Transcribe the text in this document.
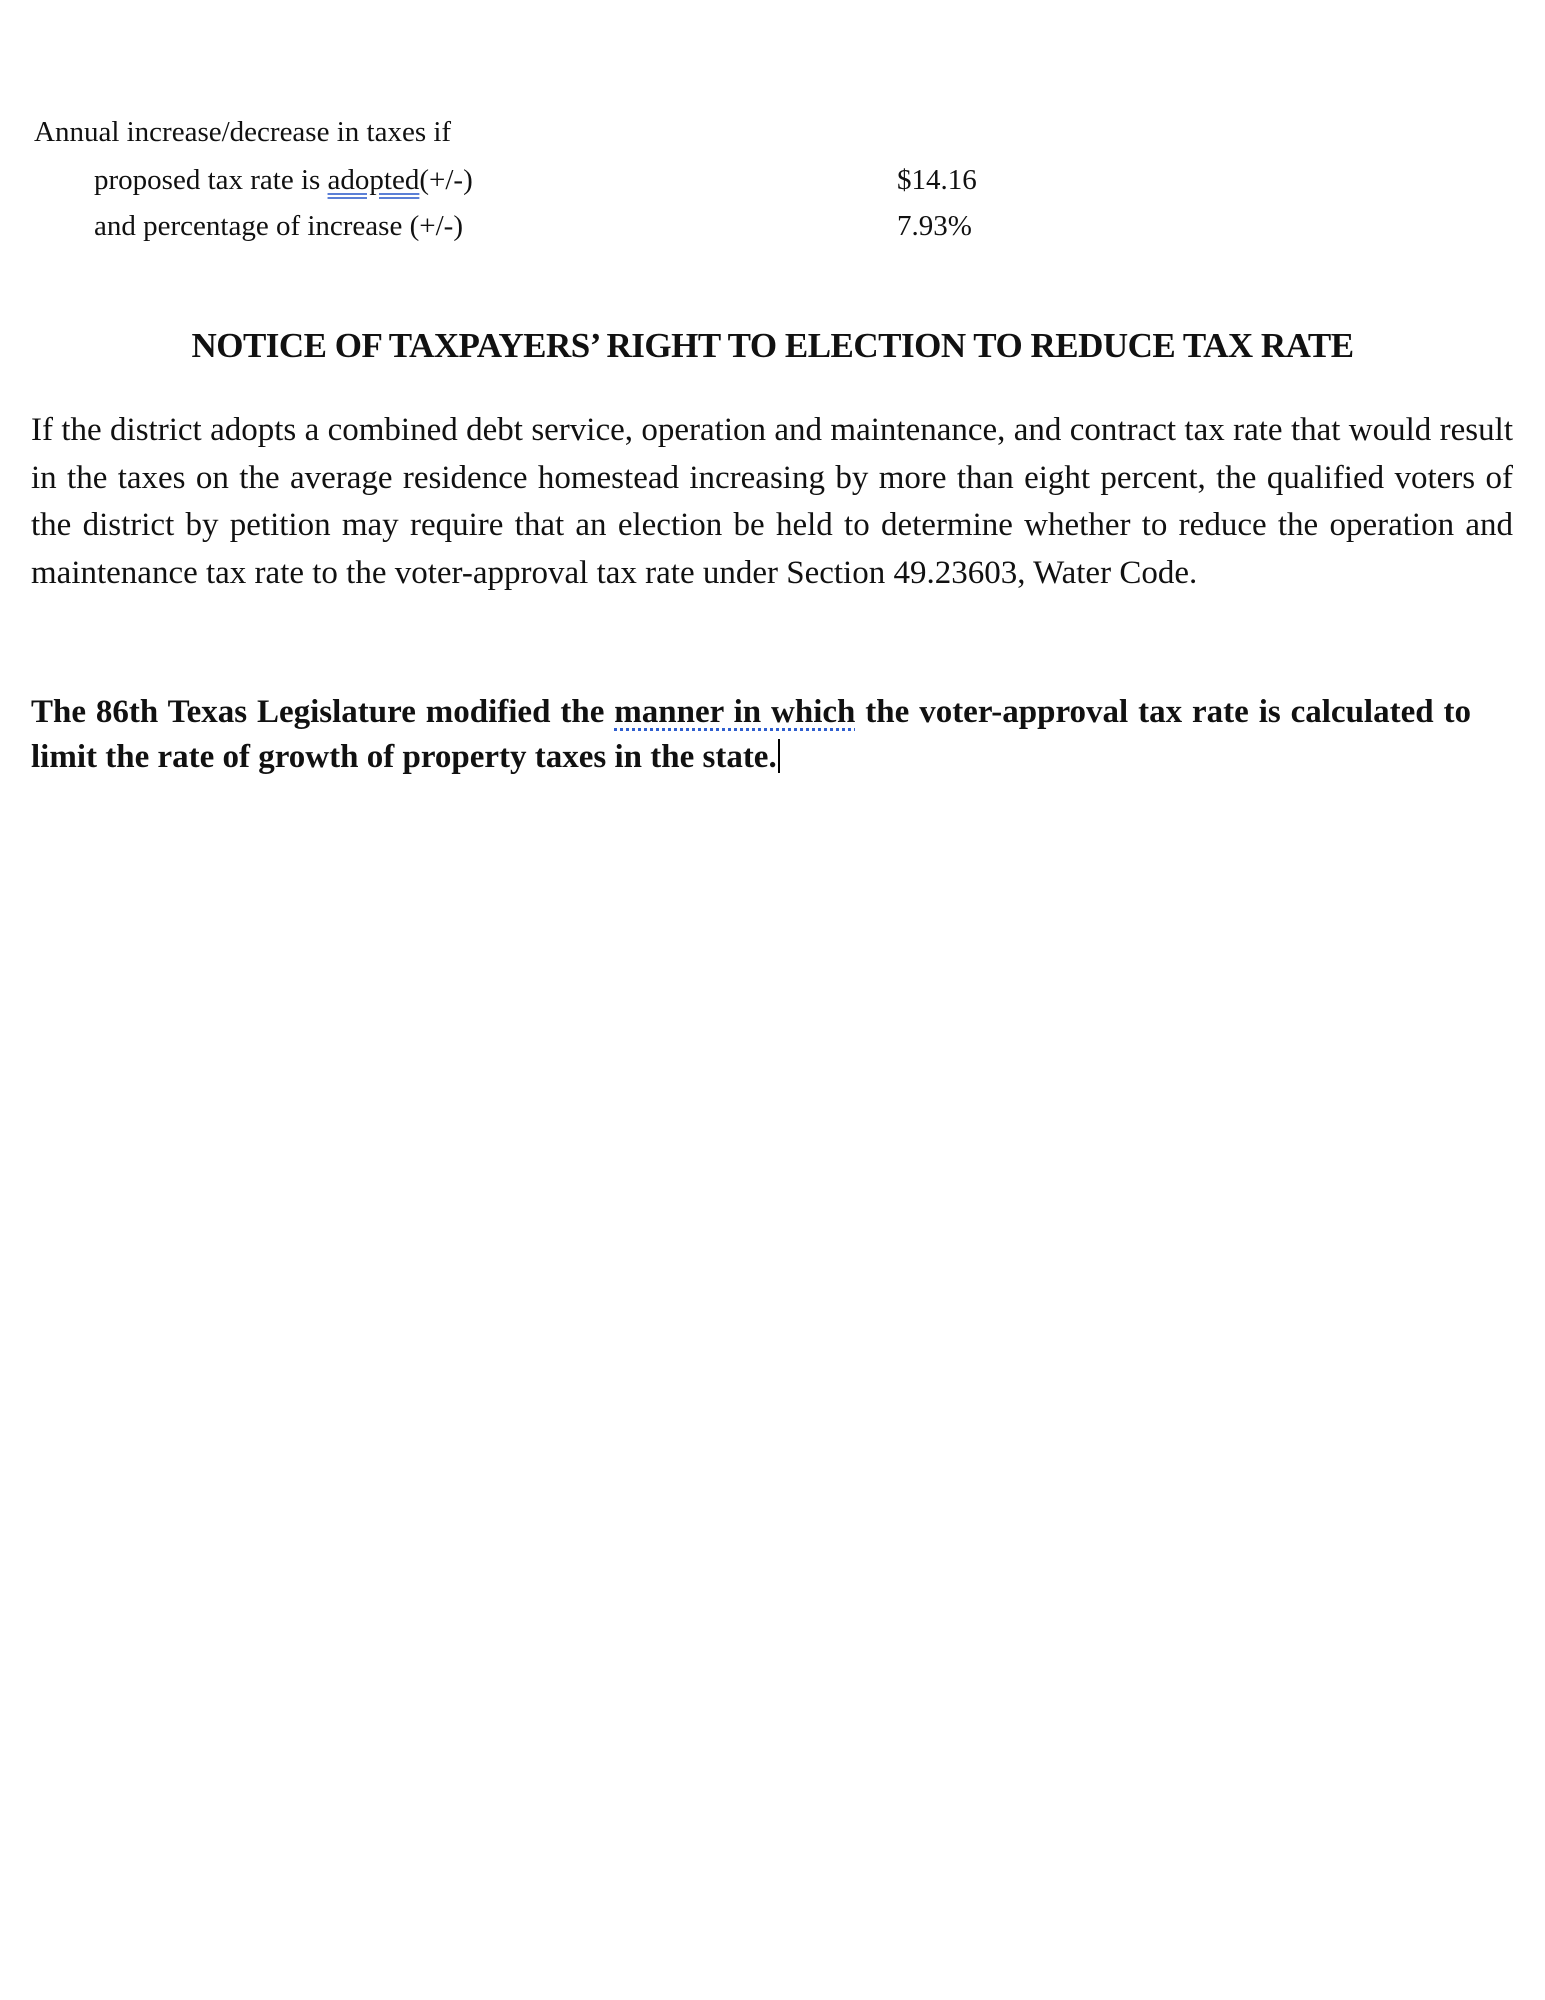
Annual increase/decrease in taxes if
proposed tax rate is adopted(+/-)	$14.16
and percentage of increase (+/-)	7.93%
NOTICE OF TAXPAYERS’ RIGHT TO ELECTION TO REDUCE TAX RATE
If the district adopts a combined debt service, operation and maintenance, and contract tax rate that would result in the taxes on the average residence homestead increasing by more than eight percent, the qualified voters of the district by petition may require that an election be held to determine whether to reduce the operation and maintenance tax rate to the voter-approval tax rate under Section 49.23603, Water Code.
The 86th Texas Legislature modified the manner in which the voter-approval tax rate is calculated to limit the rate of growth of property taxes in the state.
